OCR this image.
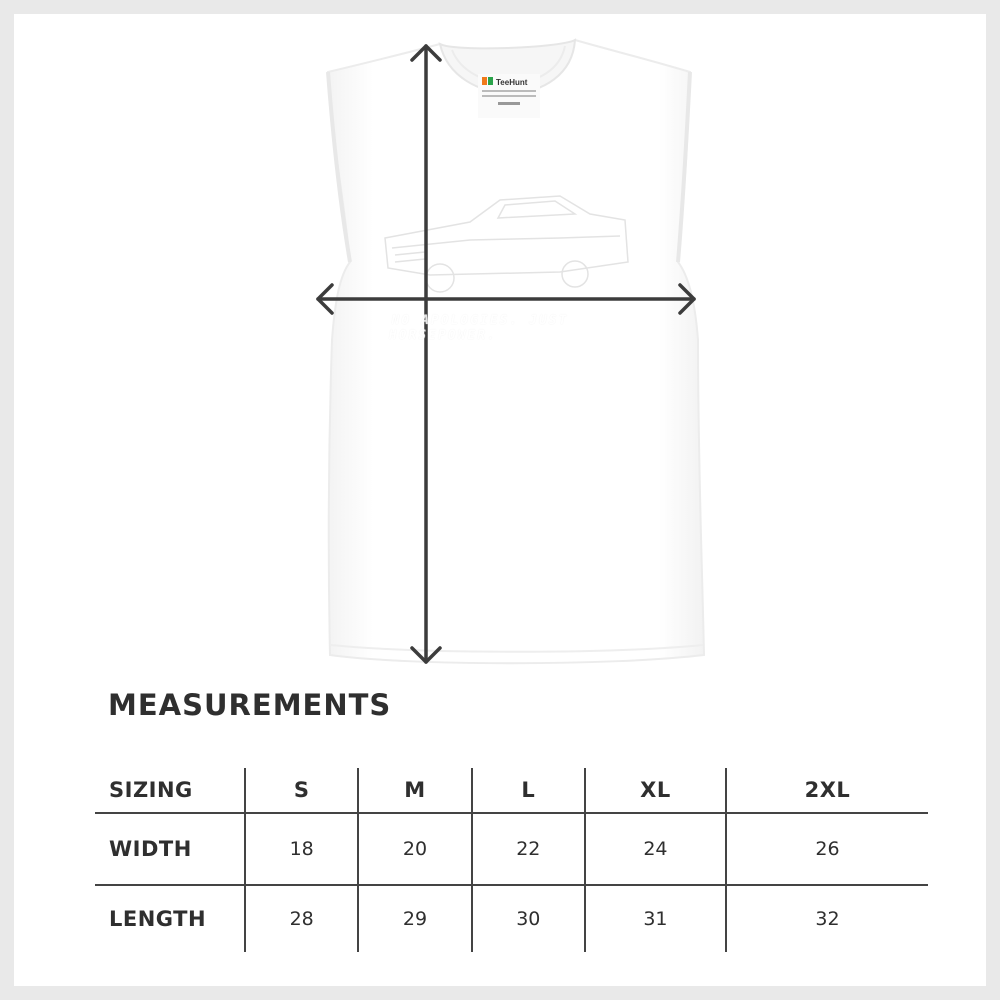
TeeHunt
NO APOLOGIES. JUST HORSEPOWER.
MEASUREMENTS
SIZING	S	M	L	XL	2XL
WIDTH	18	20	22	24	26
LENGTH	28	29	30	31	32
